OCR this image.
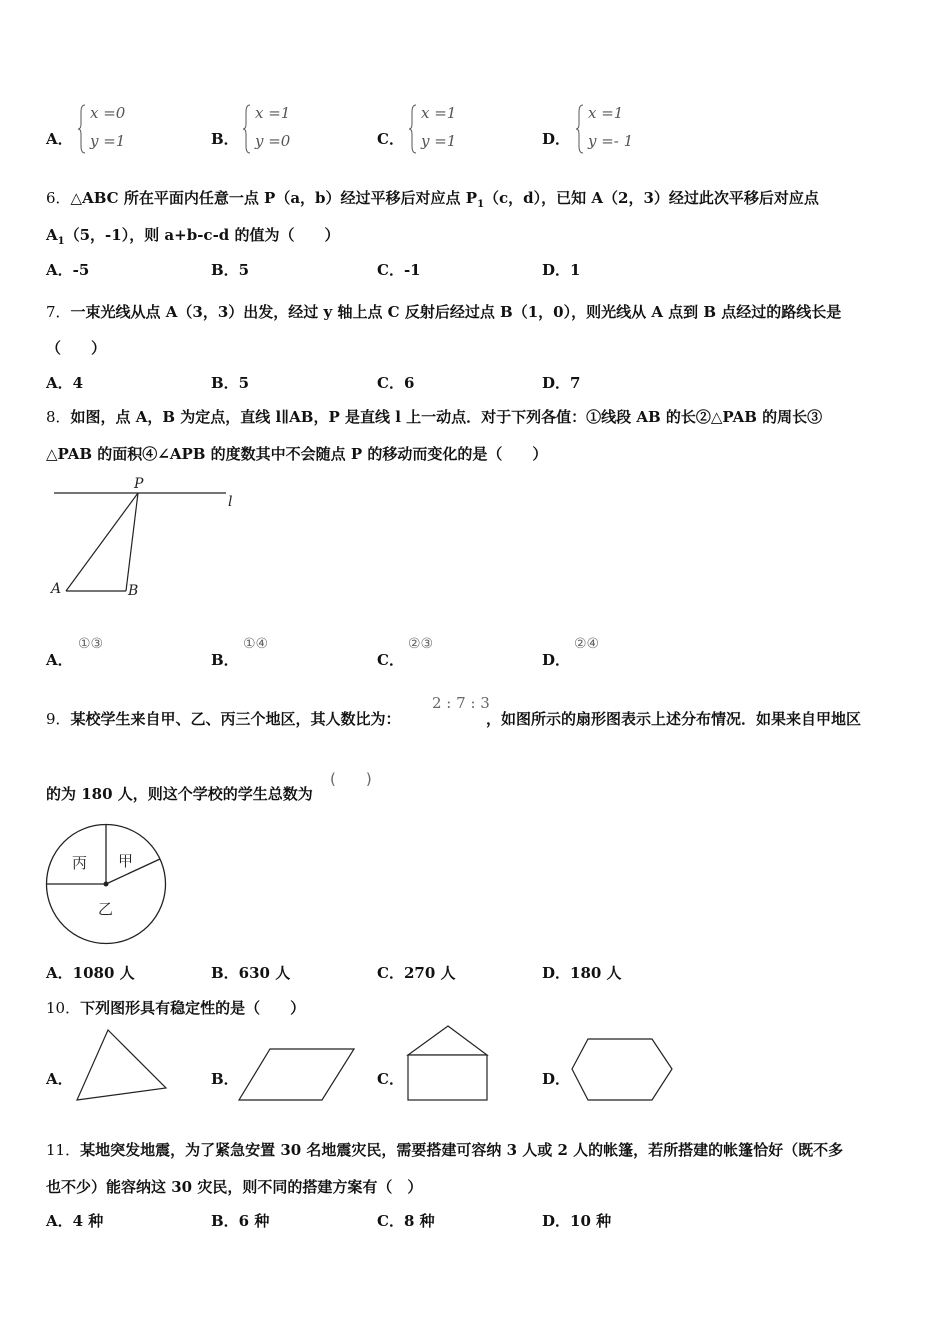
A．
x =0
y =1	B．
x =1
y =0	C．
x =1
y =1	D．
x =1
y =- 1
6．△ABC 所在平面内任意一点 P（a，b）经过平移后对应点 $P_1(c$，d），已知 A（2，3）经过此次平移后对应点
$A_1(5$，-1），则 a+b-c-d 的值为（　　）
A．-5	B．5	C．-1	D．1
7．一束光线从点 A（3，3）出发，经过 y 轴上点 C 反射后经过点 B（1，0），则光线从 A 点到 B 点经过的路线长是
（　　）
A．4	B．5	C．6	D．7
8．如图，点 A，B 为定点，直线 l∥AB，P 是直线 l 上一动点．对于下列各值：①线段 AB 的长②△PAB 的周长③
△PAB 的面积④∠APB 的度数其中不会随点 P 的移动而变化的是（　　）
P
l
A	B
A．
①③
B．
①④
C．
②③
D．
②④
9．某校学生来自甲、乙、丙三个地区，其人数比为：
2 : 7 : 3
，如图所示的扇形图表示上述分布情况．如果来自甲地区
的为 180 人，则这个学校的学生总数为
(　　)
丙 甲
乙
A．1080 人	B．630 人	C．270 人	D．180 人
10．下列图形具有稳定性的是（　　）
A．	B．	C．	D．
11．某地突发地震，为了紧急安置 30 名地震灾民，需要搭建可容纳 3 人或 2 人的帐篷，若所搭建的帐篷恰好（既不多
也不少）能容纳这 30 灾民，则不同的搭建方案有（　）
A．4 种	B．6 种	C．8 种	D．10 种
